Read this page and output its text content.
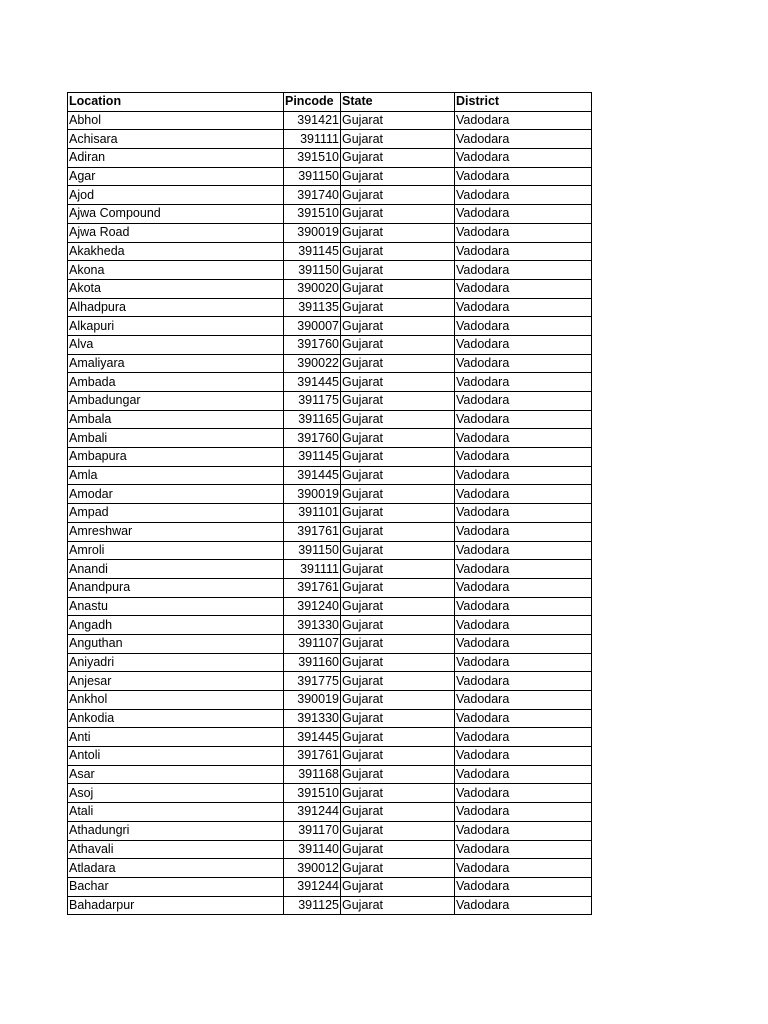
Location	Pincode	State	District
Abhol	391421	Gujarat	Vadodara
Achisara	391111	Gujarat	Vadodara
Adiran	391510	Gujarat	Vadodara
Agar	391150	Gujarat	Vadodara
Ajod	391740	Gujarat	Vadodara
Ajwa Compound	391510	Gujarat	Vadodara
Ajwa Road	390019	Gujarat	Vadodara
Akakheda	391145	Gujarat	Vadodara
Akona	391150	Gujarat	Vadodara
Akota	390020	Gujarat	Vadodara
Alhadpura	391135	Gujarat	Vadodara
Alkapuri	390007	Gujarat	Vadodara
Alva	391760	Gujarat	Vadodara
Amaliyara	390022	Gujarat	Vadodara
Ambada	391445	Gujarat	Vadodara
Ambadungar	391175	Gujarat	Vadodara
Ambala	391165	Gujarat	Vadodara
Ambali	391760	Gujarat	Vadodara
Ambapura	391145	Gujarat	Vadodara
Amla	391445	Gujarat	Vadodara
Amodar	390019	Gujarat	Vadodara
Ampad	391101	Gujarat	Vadodara
Amreshwar	391761	Gujarat	Vadodara
Amroli	391150	Gujarat	Vadodara
Anandi	391111	Gujarat	Vadodara
Anandpura	391761	Gujarat	Vadodara
Anastu	391240	Gujarat	Vadodara
Angadh	391330	Gujarat	Vadodara
Anguthan	391107	Gujarat	Vadodara
Aniyadri	391160	Gujarat	Vadodara
Anjesar	391775	Gujarat	Vadodara
Ankhol	390019	Gujarat	Vadodara
Ankodia	391330	Gujarat	Vadodara
Anti	391445	Gujarat	Vadodara
Antoli	391761	Gujarat	Vadodara
Asar	391168	Gujarat	Vadodara
Asoj	391510	Gujarat	Vadodara
Atali	391244	Gujarat	Vadodara
Athadungri	391170	Gujarat	Vadodara
Athavali	391140	Gujarat	Vadodara
Atladara	390012	Gujarat	Vadodara
Bachar	391244	Gujarat	Vadodara
Bahadarpur	391125	Gujarat	Vadodara
